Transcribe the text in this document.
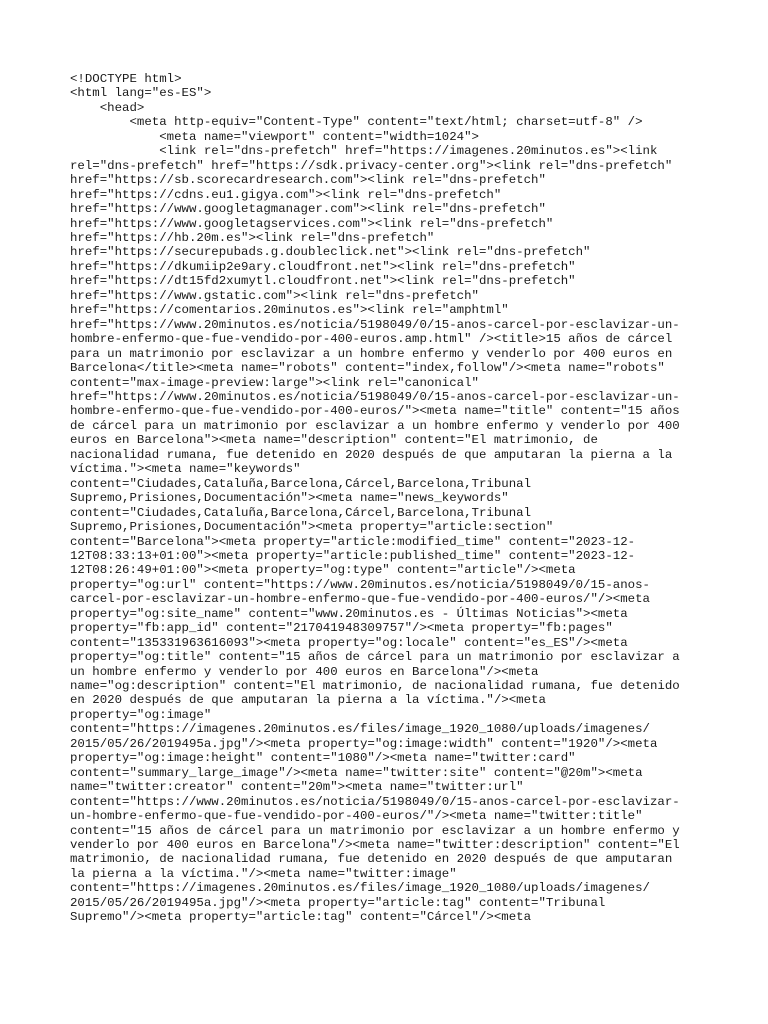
<!DOCTYPE html>
<html lang="es-ES">
<head>
<meta http-equiv="Content-Type" content="text/html; charset=utf-8" />
<meta name="viewport" content="width=1024">
<link rel="dns-prefetch" href="https://imagenes.20minutos.es"><link
rel="dns-prefetch" href="https://sdk.privacy-center.org"><link rel="dns-prefetch"
href="https://sb.scorecardresearch.com"><link rel="dns-prefetch"
href="https://cdns.eu1.gigya.com"><link rel="dns-prefetch"
href="https://www.googletagmanager.com"><link rel="dns-prefetch"
href="https://www.googletagservices.com"><link rel="dns-prefetch"
href="https://hb.20m.es"><link rel="dns-prefetch"
href="https://securepubads.g.doubleclick.net"><link rel="dns-prefetch"
href="https://dkumiip2e9ary.cloudfront.net"><link rel="dns-prefetch"
href="https://dt15fd2xumytl.cloudfront.net"><link rel="dns-prefetch"
href="https://www.gstatic.com"><link rel="dns-prefetch"
href="https://comentarios.20minutos.es"><link rel="amphtml"
href="https://www.20minutos.es/noticia/5198049/0/15-anos-carcel-por-esclavizar-un-
hombre-enfermo-que-fue-vendido-por-400-euros.amp.html" /><title>15 años de cárcel
para un matrimonio por esclavizar a un hombre enfermo y venderlo por 400 euros en
Barcelona</title><meta name="robots" content="index,follow"/><meta name="robots"
content="max-image-preview:large"><link rel="canonical"
href="https://www.20minutos.es/noticia/5198049/0/15-anos-carcel-por-esclavizar-un-
hombre-enfermo-que-fue-vendido-por-400-euros/"><meta name="title" content="15 años
de cárcel para un matrimonio por esclavizar a un hombre enfermo y venderlo por 400
euros en Barcelona"><meta name="description" content="El matrimonio, de
nacionalidad rumana, fue detenido en 2020 después de que amputaran la pierna a la
víctima."><meta name="keywords"
content="Ciudades,Cataluña,Barcelona,Cárcel,Barcelona,Tribunal
Supremo,Prisiones,Documentación"><meta name="news_keywords"
content="Ciudades,Cataluña,Barcelona,Cárcel,Barcelona,Tribunal
Supremo,Prisiones,Documentación"><meta property="article:section"
content="Barcelona"><meta property="article:modified_time" content="2023-12-
12T08:33:13+01:00"><meta property="article:published_time" content="2023-12-
12T08:26:49+01:00"><meta property="og:type" content="article"/><meta
property="og:url" content="https://www.20minutos.es/noticia/5198049/0/15-anos-
carcel-por-esclavizar-un-hombre-enfermo-que-fue-vendido-por-400-euros/"/><meta
property="og:site_name" content="www.20minutos.es - Últimas Noticias"><meta
property="fb:app_id" content="217041948309757"/><meta property="fb:pages"
content="135331963616093"><meta property="og:locale" content="es_ES"/><meta
property="og:title" content="15 años de cárcel para un matrimonio por esclavizar a
un hombre enfermo y venderlo por 400 euros en Barcelona"/><meta
name="og:description" content="El matrimonio, de nacionalidad rumana, fue detenido
en 2020 después de que amputaran la pierna a la víctima."/><meta
property="og:image"
content="https://imagenes.20minutos.es/files/image_1920_1080/uploads/imagenes/
2015/05/26/2019495a.jpg"/><meta property="og:image:width" content="1920"/><meta
property="og:image:height" content="1080"/><meta name="twitter:card"
content="summary_large_image"/><meta name="twitter:site" content="@20m"><meta
name="twitter:creator" content="20m"><meta name="twitter:url"
content="https://www.20minutos.es/noticia/5198049/0/15-anos-carcel-por-esclavizar-
un-hombre-enfermo-que-fue-vendido-por-400-euros/"/><meta name="twitter:title"
content="15 años de cárcel para un matrimonio por esclavizar a un hombre enfermo y
venderlo por 400 euros en Barcelona"/><meta name="twitter:description" content="El
matrimonio, de nacionalidad rumana, fue detenido en 2020 después de que amputaran
la pierna a la víctima."/><meta name="twitter:image"
content="https://imagenes.20minutos.es/files/image_1920_1080/uploads/imagenes/
2015/05/26/2019495a.jpg"/><meta property="article:tag" content="Tribunal
Supremo"/><meta property="article:tag" content="Cárcel"/><meta
